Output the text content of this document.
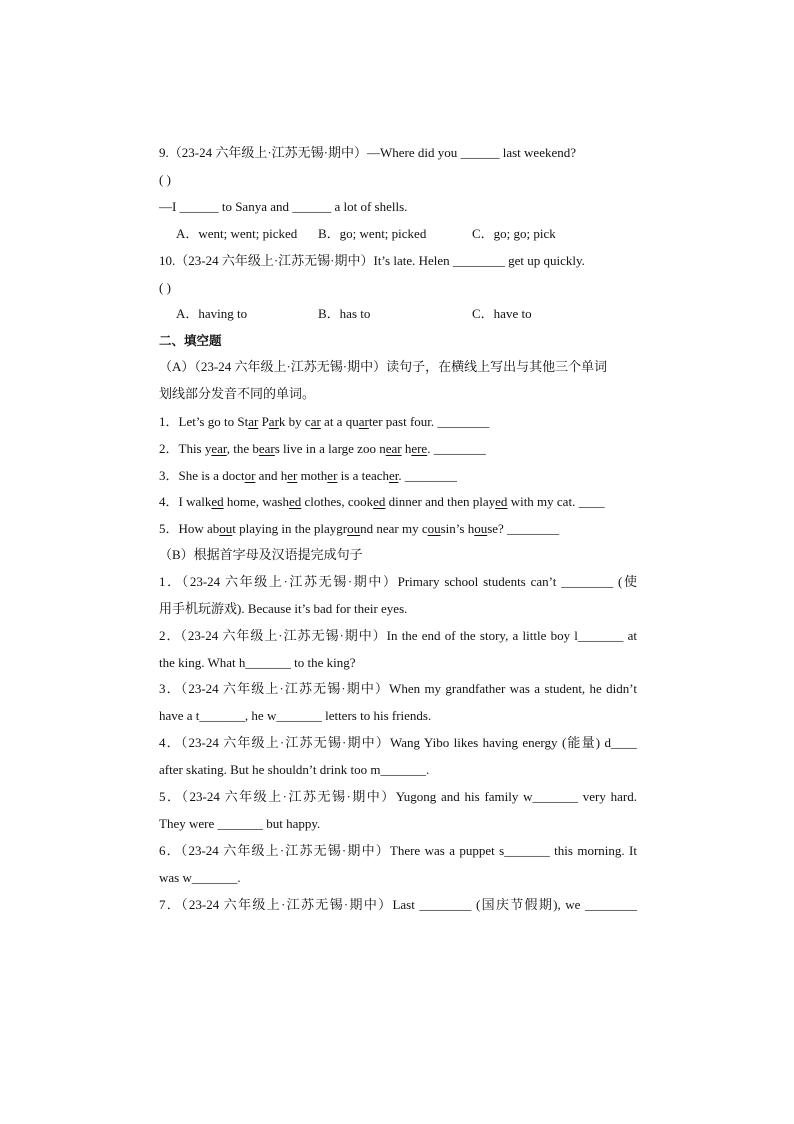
9.（23-24 六年级上·江苏无锡·期中）—Where did you ______ last weekend?

( )

—I ______ to Sanya and ______ a lot of shells.

A．went; went; picked B．go; went; picked	C．go; go; pick

10.（23-24 六年级上·江苏无锡·期中）It’s late. Helen ________ get up quickly.

( )

A．having to	B．has to	C．have to

二、填空题

（A）（23-24 六年级上·江苏无锡·期中）读句子，在横线上写出与其他三个单词

划线部分发音不同的单词。

1．Let’s go to Star Park by car at a quarter past four. ________

2．This year, the bears live in a large zoo near here. ________

3．She is a doctor and her mother is a teacher. ________

4．I walked home, washed clothes, cooked dinner and then played with my cat. ____

5．How about playing in the playground near my cousin’s house? ________

（B）根据首字母及汉语提完成句子

1．（23-24 六年级上·江苏无锡·期中）Primary school students can’t ________ (使

用手机玩游戏). Because it’s bad for their eyes.

2．（23-24 六年级上·江苏无锡·期中）In the end of the story, a little boy l_______ at

the king. What h_______ to the king?

3．（23-24 六年级上·江苏无锡·期中）When my grandfather was a student, he didn’t

have a t_______, he w_______ letters to his friends.

4．（23-24 六年级上·江苏无锡·期中）Wang Yibo likes having energy (能量) d____

after skating. But he shouldn’t drink too m_______.

5．（23-24 六年级上·江苏无锡·期中）Yugong and his family w_______ very hard.

They were _______ but happy.

6．（23-24 六年级上·江苏无锡·期中）There was a puppet s_______ this morning. It

was w_______.

7．（23-24 六年级上·江苏无锡·期中）Last ________ (国庆节假期), we ________
